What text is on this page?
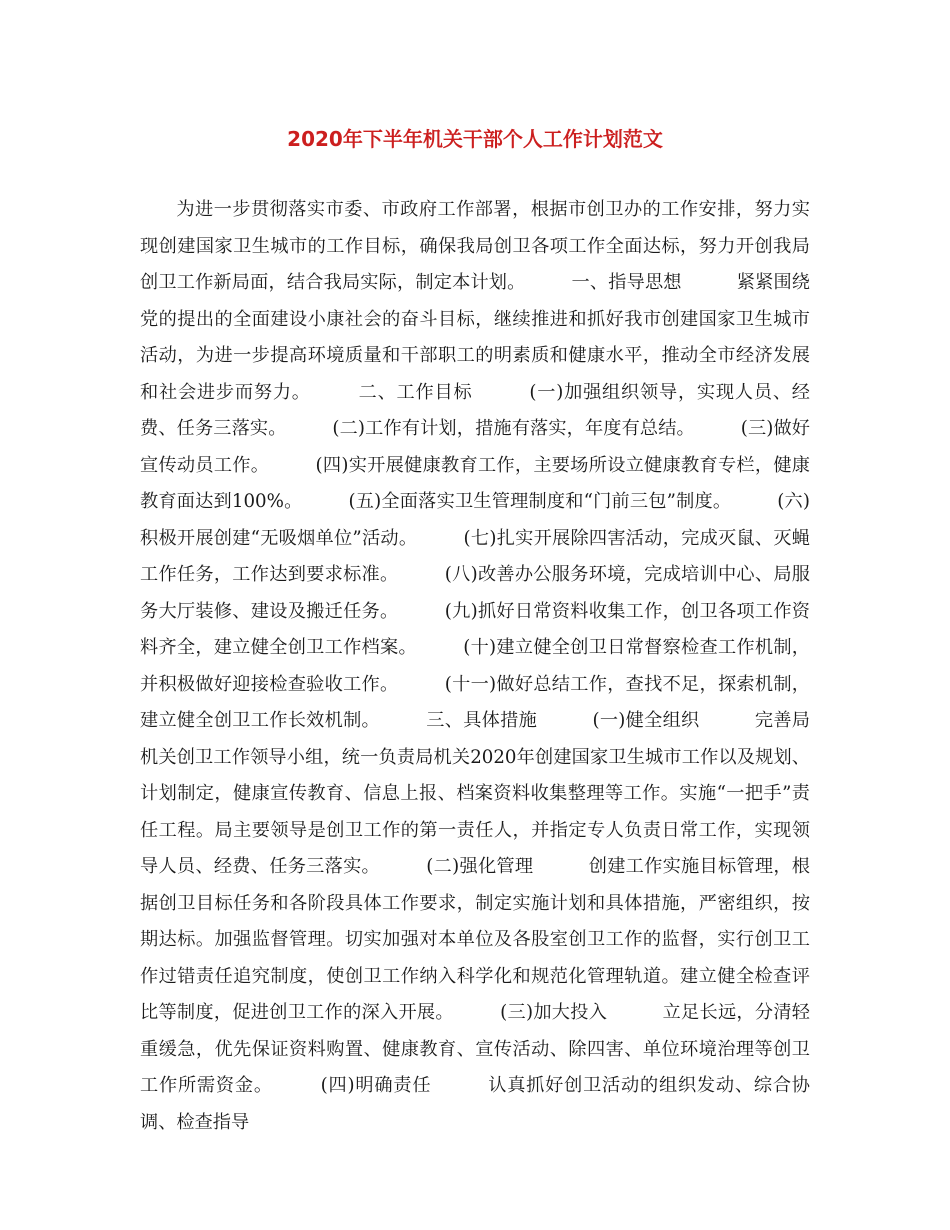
2020年下半年机关干部个人工作计划范文
为进一步贯彻落实市委、市政府工作部署，根据市创卫办的工作安排，努力实现创建国家卫生城市的工作目标，确保我局创卫各项工作全面达标，努力开创我局创卫工作新局面，结合我局实际，制定本计划。　　　一、指导思想　　　紧紧围绕党的提出的全面建设小康社会的奋斗目标，继续推进和抓好我市创建国家卫生城市活动，为进一步提高环境质量和干部职工的明素质和健康水平，推动全市经济发展和社会进步而努力。　　　二、工作目标　　　(一)加强组织领导，实现人员、经费、任务三落实。　　　(二)工作有计划，措施有落实，年度有总结。　　　(三)做好宣传动员工作。　　　(四)实开展健康教育工作，主要场所设立健康教育专栏，健康教育面达到100%。　　　(五)全面落实卫生管理制度和“门前三包”制度。　　　(六)积极开展创建“无吸烟单位”活动。　　　(七)扎实开展除四害活动，完成灭鼠、灭蝇工作任务，工作达到要求标准。　　　(八)改善办公服务环境，完成培训中心、局服务大厅装修、建设及搬迁任务。　　　(九)抓好日常资料收集工作，创卫各项工作资料齐全，建立健全创卫工作档案。　　　(十)建立健全创卫日常督察检查工作机制，并积极做好迎接检查验收工作。　　　(十一)做好总结工作，查找不足，探索机制，建立健全创卫工作长效机制。　　　三、具体措施　　　(一)健全组织　　　完善局机关创卫工作领导小组，统一负责局机关2020年创建国家卫生城市工作以及规划、计划制定，健康宣传教育、信息上报、档案资料收集整理等工作。实施“一把手”责任工程。局主要领导是创卫工作的第一责任人，并指定专人负责日常工作，实现领导人员、经费、任务三落实。　　　(二)强化管理　　　创建工作实施目标管理，根据创卫目标任务和各阶段具体工作要求，制定实施计划和具体措施，严密组织，按期达标。加强监督管理。切实加强对本单位及各股室创卫工作的监督，实行创卫工作过错责任追究制度，使创卫工作纳入科学化和规范化管理轨道。建立健全检查评比等制度，促进创卫工作的深入开展。　　　(三)加大投入　　　立足长远，分清轻重缓急，优先保证资料购置、健康教育、宣传活动、除四害、单位环境治理等创卫工作所需资金。　　　(四)明确责任　　　认真抓好创卫活动的组织发动、综合协调、检查指导
